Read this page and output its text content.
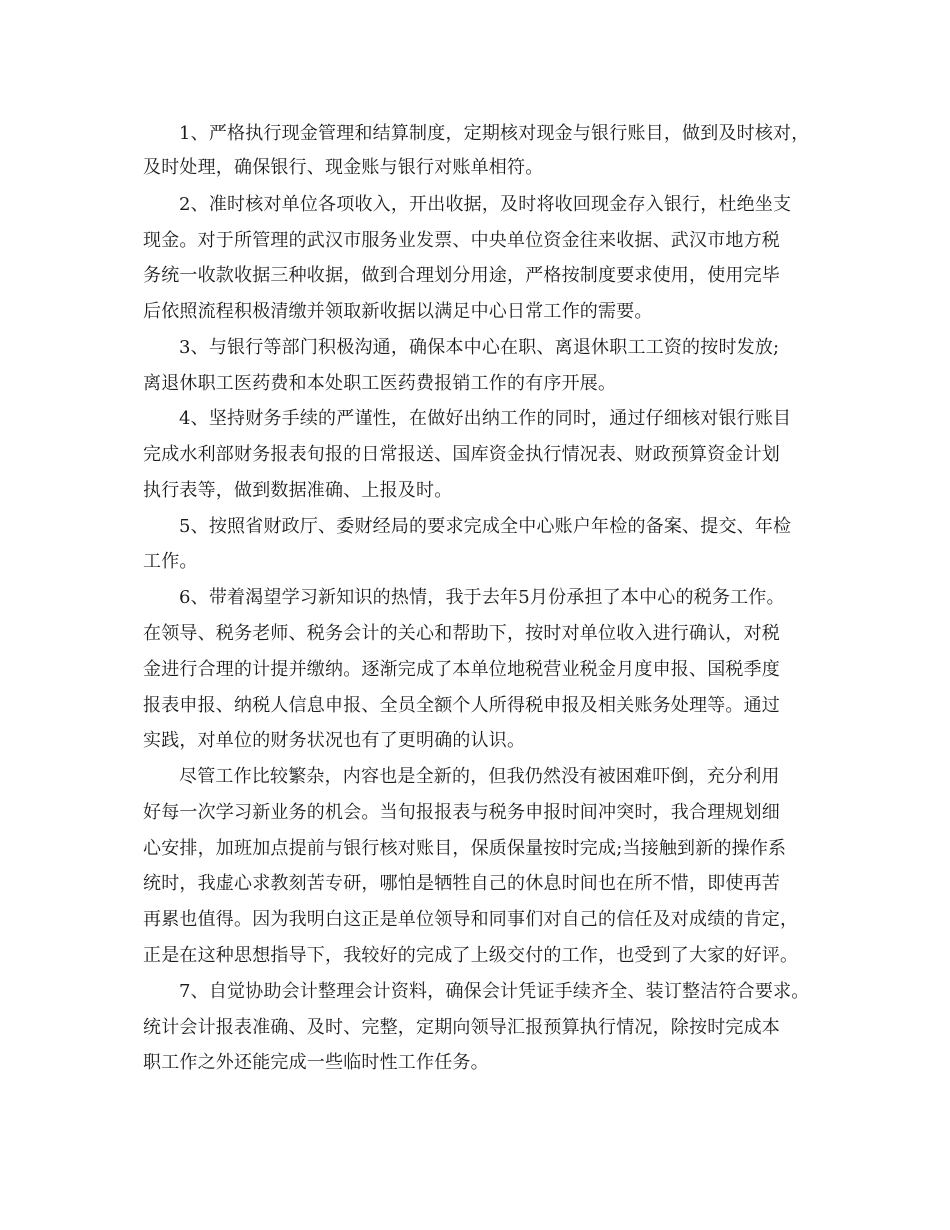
1、严格执行现金管理和结算制度，定期核对现金与银行账目，做到及时核对，
及时处理，确保银行、现金账与银行对账单相符。
2、准时核对单位各项收入，开出收据，及时将收回现金存入银行，杜绝坐支
现金。对于所管理的武汉市服务业发票、中央单位资金往来收据、武汉市地方税
务统一收款收据三种收据，做到合理划分用途，严格按制度要求使用，使用完毕
后依照流程积极清缴并领取新收据以满足中心日常工作的需要。
3、与银行等部门积极沟通，确保本中心在职、离退休职工工资的按时发放;
离退休职工医药费和本处职工医药费报销工作的有序开展。
4、坚持财务手续的严谨性，在做好出纳工作的同时，通过仔细核对银行账目
完成水利部财务报表旬报的日常报送、国库资金执行情况表、财政预算资金计划
执行表等，做到数据准确、上报及时。
5、按照省财政厅、委财经局的要求完成全中心账户年检的备案、提交、年检
工作。
6、带着渴望学习新知识的热情，我于去年5月份承担了本中心的税务工作。
在领导、税务老师、税务会计的关心和帮助下，按时对单位收入进行确认，对税
金进行合理的计提并缴纳。逐渐完成了本单位地税营业税金月度申报、国税季度
报表申报、纳税人信息申报、全员全额个人所得税申报及相关账务处理等。通过
实践，对单位的财务状况也有了更明确的认识。
尽管工作比较繁杂，内容也是全新的，但我仍然没有被困难吓倒，充分利用
好每一次学习新业务的机会。当旬报报表与税务申报时间冲突时，我合理规划细
心安排，加班加点提前与银行核对账目，保质保量按时完成;当接触到新的操作系
统时，我虚心求教刻苦专研，哪怕是牺牲自己的休息时间也在所不惜，即使再苦
再累也值得。因为我明白这正是单位领导和同事们对自己的信任及对成绩的肯定，
正是在这种思想指导下，我较好的完成了上级交付的工作，也受到了大家的好评。
7、自觉协助会计整理会计资料，确保会计凭证手续齐全、装订整洁符合要求。
统计会计报表准确、及时、完整，定期向领导汇报预算执行情况，除按时完成本
职工作之外还能完成一些临时性工作任务。
